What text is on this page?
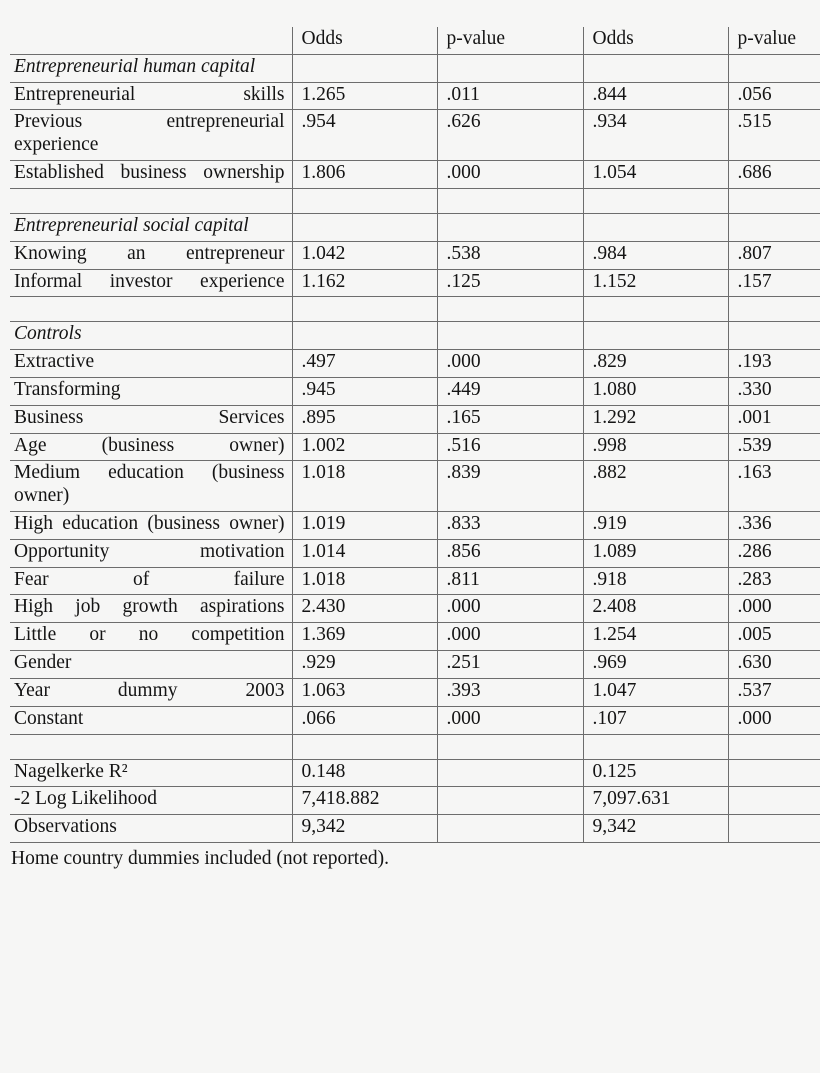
	Odds	p-value	Odds	p-value
Entrepreneurial human capital				
Entrepreneurial skills	1.265	.011	.844	.056
Previous entrepreneurial experience	.954	.626	.934	.515
Established business ownership	1.806	.000	1.054	.686

Entrepreneurial social capital				
Knowing an entrepreneur	1.042	.538	.984	.807
Informal investor experience	1.162	.125	1.152	.157

Controls				
Extractive	.497	.000	.829	.193
Transforming	.945	.449	1.080	.330
Business Services	.895	.165	1.292	.001
Age (business owner)	1.002	.516	.998	.539
Medium education (business owner)	1.018	.839	.882	.163
High education (business owner)	1.019	.833	.919	.336
Opportunity motivation	1.014	.856	1.089	.286
Fear of failure	1.018	.811	.918	.283
High job growth aspirations	2.430	.000	2.408	.000
Little or no competition	1.369	.000	1.254	.005
Gender	.929	.251	.969	.630
Year dummy 2003	1.063	.393	1.047	.537
Constant	.066	.000	.107	.000

Nagelkerke R²	0.148		0.125	
-2 Log Likelihood	7,418.882		7,097.631	
Observations	9,342		9,342	
Home country dummies included (not reported).
